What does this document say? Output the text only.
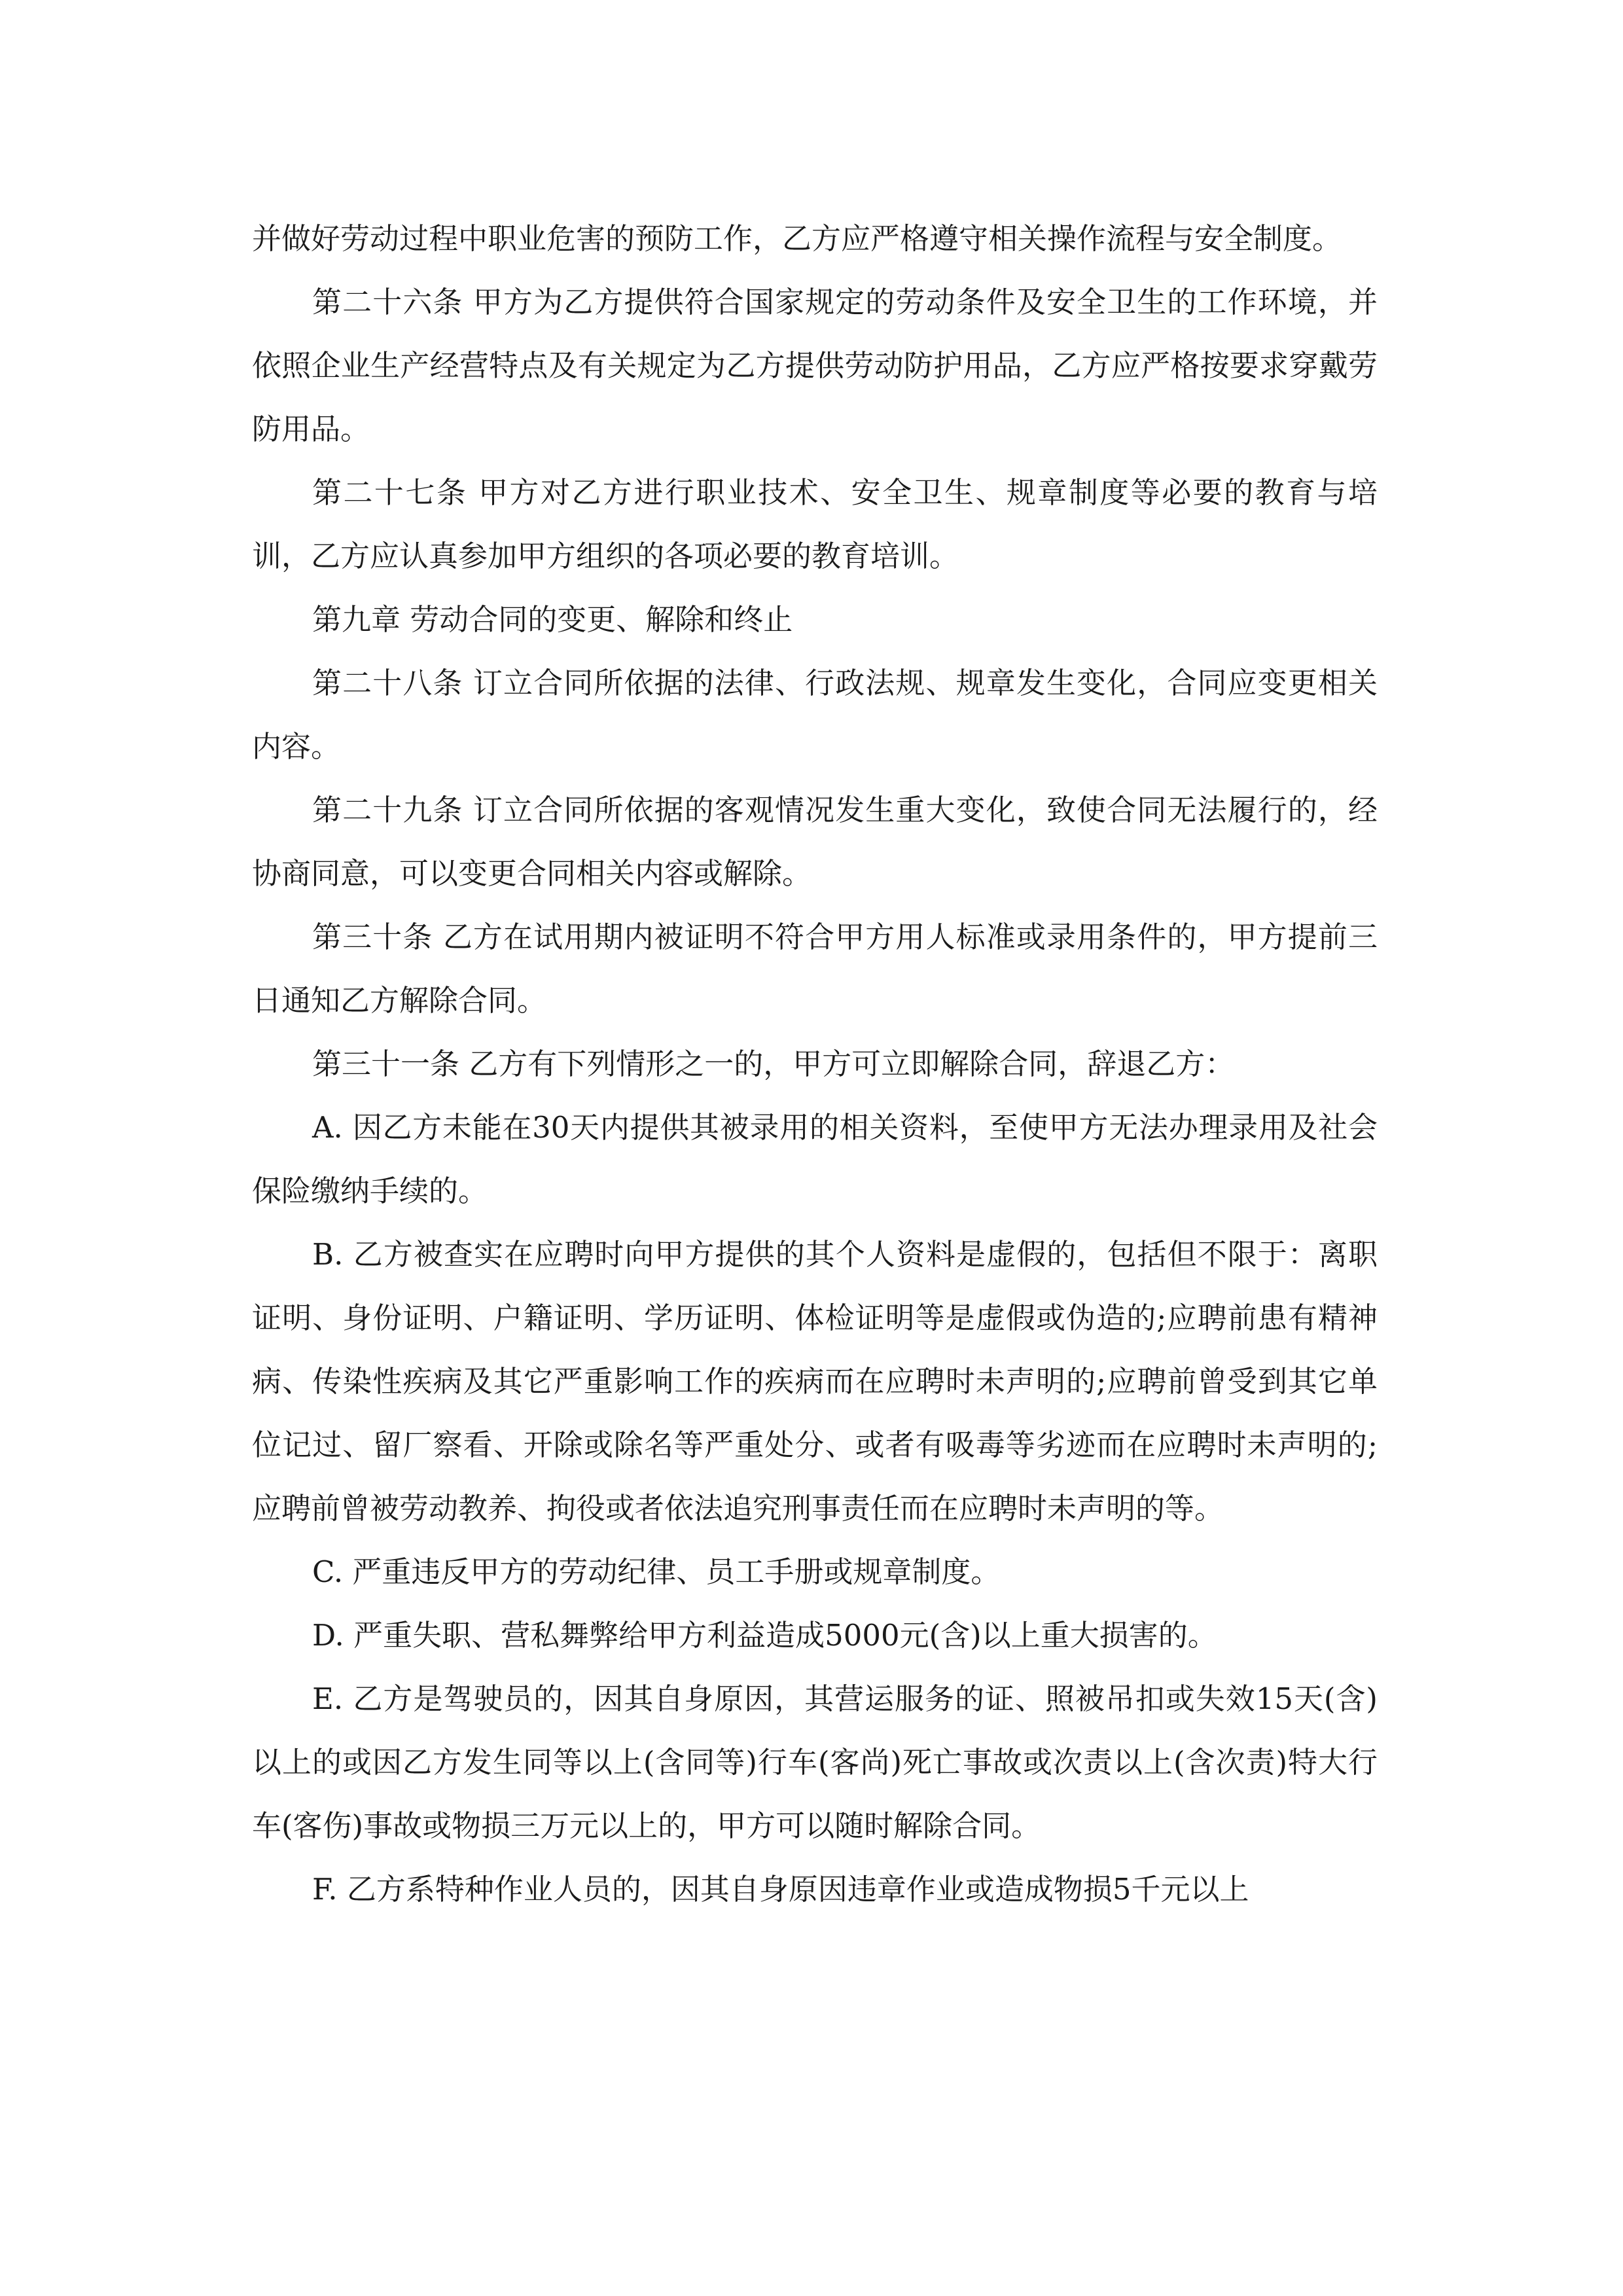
并做好劳动过程中职业危害的预防工作，乙方应严格遵守相关操作流程与安全制度。

第二十六条 甲方为乙方提供符合国家规定的劳动条件及安全卫生的工作环境，并依照企业生产经营特点及有关规定为乙方提供劳动防护用品，乙方应严格按要求穿戴劳防用品。

第二十七条 甲方对乙方进行职业技术、安全卫生、规章制度等必要的教育与培训，乙方应认真参加甲方组织的各项必要的教育培训。

第九章 劳动合同的变更、解除和终止

第二十八条 订立合同所依据的法律、行政法规、规章发生变化，合同应变更相关内容。

第二十九条 订立合同所依据的客观情况发生重大变化，致使合同无法履行的，经协商同意，可以变更合同相关内容或解除。

第三十条 乙方在试用期内被证明不符合甲方用人标准或录用条件的，甲方提前三日通知乙方解除合同。

第三十一条 乙方有下列情形之一的，甲方可立即解除合同，辞退乙方：

A. 因乙方未能在30天内提供其被录用的相关资料，至使甲方无法办理录用及社会保险缴纳手续的。

B. 乙方被查实在应聘时向甲方提供的其个人资料是虚假的，包括但不限于：离职证明、身份证明、户籍证明、学历证明、体检证明等是虚假或伪造的;应聘前患有精神病、传染性疾病及其它严重影响工作的疾病而在应聘时未声明的;应聘前曾受到其它单位记过、留厂察看、开除或除名等严重处分、或者有吸毒等劣迹而在应聘时未声明的;应聘前曾被劳动教养、拘役或者依法追究刑事责任而在应聘时未声明的等。

C. 严重违反甲方的劳动纪律、员工手册或规章制度。

D. 严重失职、营私舞弊给甲方利益造成5000元(含)以上重大损害的。

E. 乙方是驾驶员的，因其自身原因，其营运服务的证、照被吊扣或失效15天(含)以上的或因乙方发生同等以上(含同等)行车(客尚)死亡事故或次责以上(含次责)特大行车(客伤)事故或物损三万元以上的，甲方可以随时解除合同。

F. 乙方系特种作业人员的，因其自身原因违章作业或造成物损5千元以上
